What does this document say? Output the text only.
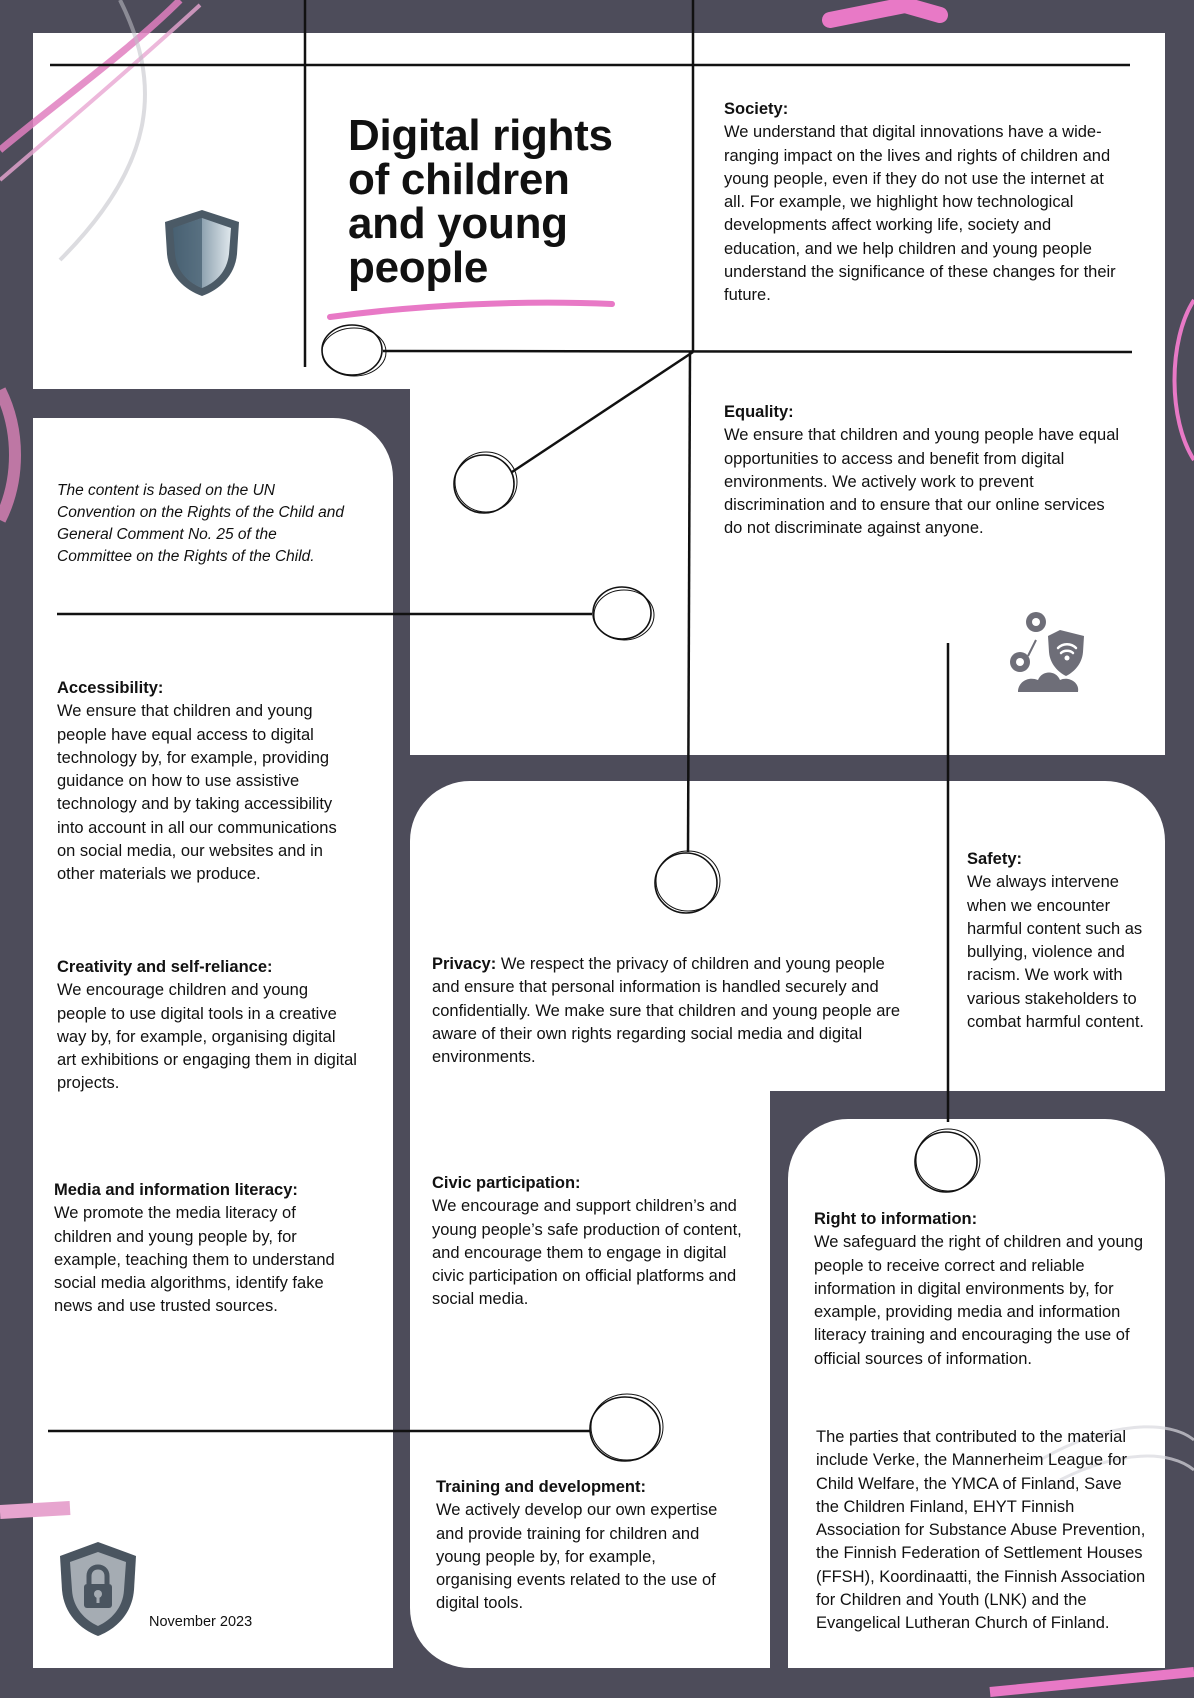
Digital rights of children and young people
The content is based on the UN Convention on the Rights of the Child and General Comment No. 25 of the Committee on the Rights of the Child.
Society:
We understand that digital innovations have a wide-ranging impact on the lives and rights of children and young people, even if they do not use the internet at all. For example, we highlight how technological developments affect working life, society and education, and we help children and young people understand the significance of these changes for their future.
Equality:
We ensure that children and young people have equal opportunities to access and benefit from digital environments. We actively work to prevent discrimination and to ensure that our online services do not discriminate against anyone.
Accessibility:
We ensure that children and young people have equal access to digital technology by, for example, providing guidance on how to use assistive technology and by taking accessibility into account in all our communications on social media, our websites and in other materials we produce.
Creativity and self-reliance:
We encourage children and young people to use digital tools in a creative way by, for example, organising digital art exhibitions or engaging them in digital projects.
Media and information literacy:
We promote the media literacy of children and young people by, for example, teaching them to understand social media algorithms, identify fake news and use trusted sources.
Safety:
We always intervene when we encounter harmful content such as bullying, violence and racism. We work with various stakeholders to combat harmful content.
Privacy: We respect the privacy of children and young people and ensure that personal information is handled securely and confidentially. We make sure that children and young people are aware of their own rights regarding social media and digital environments.
Civic participation:
We encourage and support children’s and young people’s safe production of content, and encourage them to engage in digital civic participation on official platforms and social media.
Right to information:
We safeguard the right of children and young people to receive correct and reliable information in digital environments by, for example, providing media and information literacy training and encouraging the use of official sources of information.
Training and development:
We actively develop our own expertise and provide training for children and young people by, for example, organising events related to the use of digital tools.
The parties that contributed to the material include Verke, the Mannerheim League for Child Welfare, the YMCA of Finland, Save the Children Finland, EHYT Finnish Association for Substance Abuse Prevention, the Finnish Federation of Settlement Houses (FFSH), Koordinaatti, the Finnish Association for Children and Youth (LNK) and the Evangelical Lutheran Church of Finland.
November 2023
